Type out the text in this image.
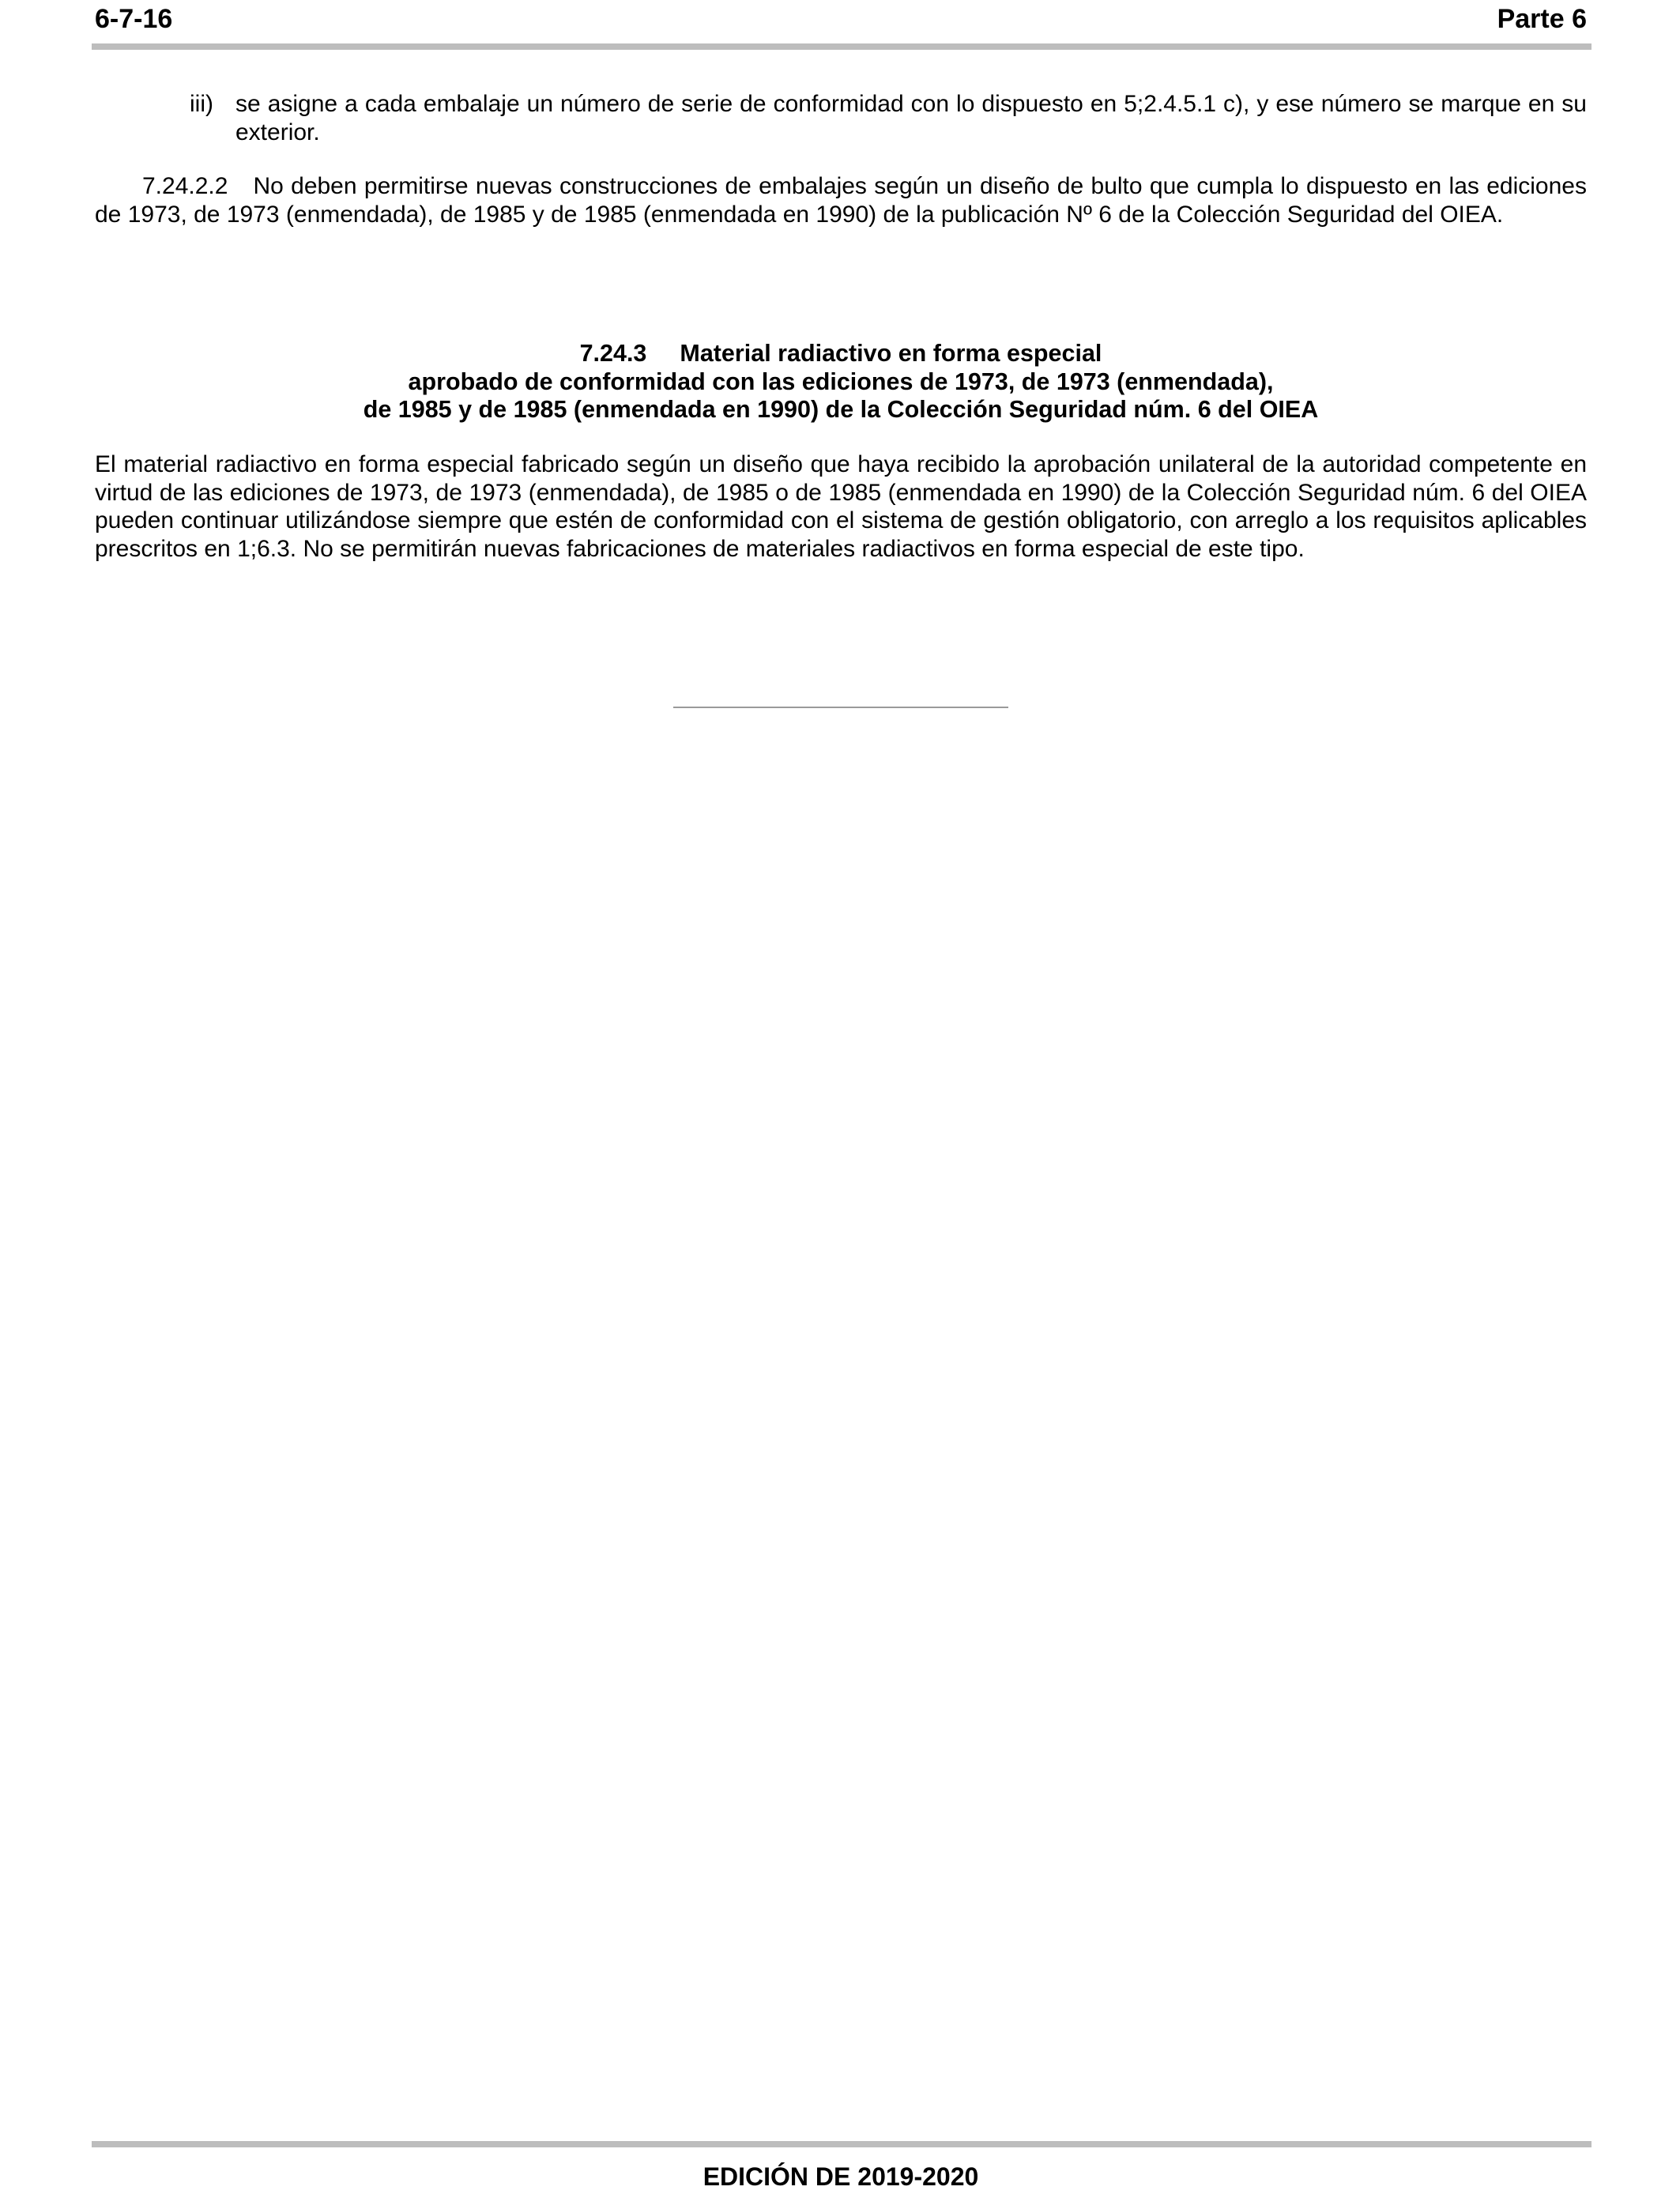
6-7-16	Parte 6
iii) se asigne a cada embalaje un número de serie de conformidad con lo dispuesto en 5;2.4.5.1 c), y ese número se marque en su exterior.
7.24.2.2 No deben permitirse nuevas construcciones de embalajes según un diseño de bulto que cumpla lo dispuesto en las ediciones de 1973, de 1973 (enmendada), de 1985 y de 1985 (enmendada en 1990) de la publicación Nº 6 de la Colección Seguridad del OIEA.
7.24.3 Material radiactivo en forma especial
aprobado de conformidad con las ediciones de 1973, de 1973 (enmendada),
de 1985 y de 1985 (enmendada en 1990) de la Colección Seguridad núm. 6 del OIEA
El material radiactivo en forma especial fabricado según un diseño que haya recibido la aprobación unilateral de la autoridad competente en virtud de las ediciones de 1973, de 1973 (enmendada), de 1985 o de 1985 (enmendada en 1990) de la Colección Seguridad núm. 6 del OIEA pueden continuar utilizándose siempre que estén de conformidad con el sistema de gestión obligatorio, con arreglo a los requisitos aplicables prescritos en 1;6.3. No se permitirán nuevas fabricaciones de materiales radiactivos en forma especial de este tipo.
EDICIÓN DE 2019-2020
